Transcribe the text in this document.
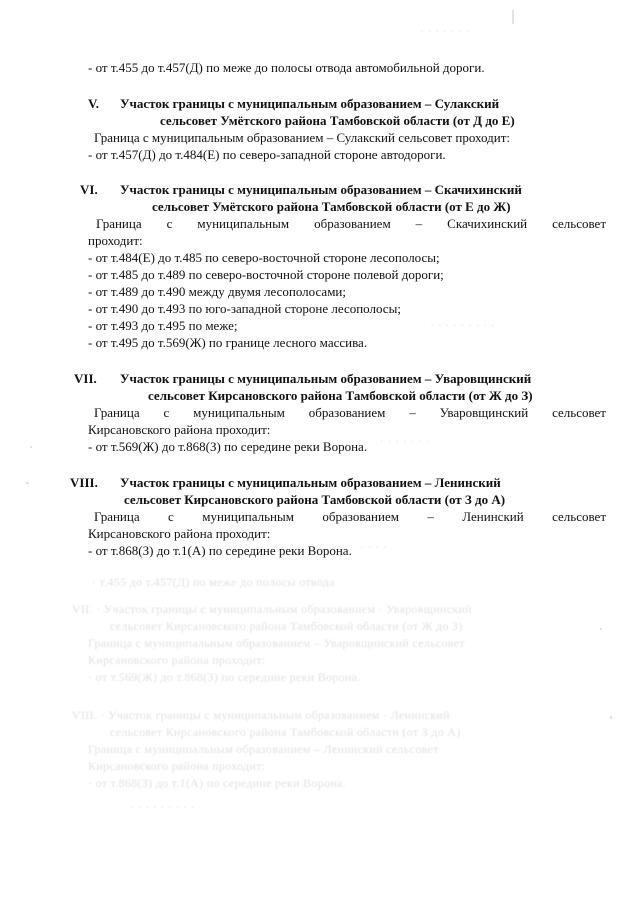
· т.455 до т.457(Д) по меже до полосы отвода
VII. · Участок границы с муниципальным образованием · Уваровщинский
сельсовет Кирсановского района Тамбовской области (от Ж до З)
Граница с муниципальным образованием – Уваровщинский сельсовет
Кирсановского района проходит:
· от т.569(Ж) до т.868(З) по середине реки Ворона.
VIII. · Участок границы с муниципальным образованием · Ленинский
сельсовет Кирсановского района Тамбовской области (от З до А)
Граница с муниципальным образованием – Ленинский сельсовет
Кирсановского района проходит:
· от т.868(З) до т.1(А) по середине реки Ворона.
· · · · · · · · ·
· · · · · · ·
· · · · · · · · ·
· · · · · · ·
· · · ·
- от т.455 до т.457(Д) по меже до полосы отвода автомобильной дороги.
V. Участок границы с муниципальным образованием – Сулакский
сельсовет Умётского района Тамбовской области (от Д до Е)
Граница с муниципальным образованием – Сулакский сельсовет проходит:
- от т.457(Д) до т.484(Е) по северо-западной стороне автодороги.
VI. Участок границы с муниципальным образованием – Скачихинский
сельсовет Умётского района Тамбовской области (от Е до Ж)
Граница с муниципальным образованием – Скачихинский сельсовет
проходит:
- от т.484(Е) до т.485 по северо-восточной стороне лесополосы;
- от т.485 до т.489 по северо-восточной стороне полевой дороги;
- от т.489 до т.490 между двумя лесополосами;
- от т.490 до т.493 по юго-западной стороне лесополосы;
- от т.493 до т.495 по меже;
- от т.495 до т.569(Ж) по границе лесного массива.
VII. Участок границы с муниципальным образованием – Уваровщинский
сельсовет Кирсановского района Тамбовской области (от Ж до З)
Граница с муниципальным образованием – Уваровщинский сельсовет
Кирсановского района проходит:
- от т.569(Ж) до т.868(З) по середине реки Ворона.
VIII. Участок границы с муниципальным образованием – Ленинский
сельсовет Кирсановского района Тамбовской области (от З до А)
Граница с муниципальным образованием – Ленинский сельсовет
Кирсановского района проходит:
- от т.868(З) до т.1(А) по середине реки Ворона.
